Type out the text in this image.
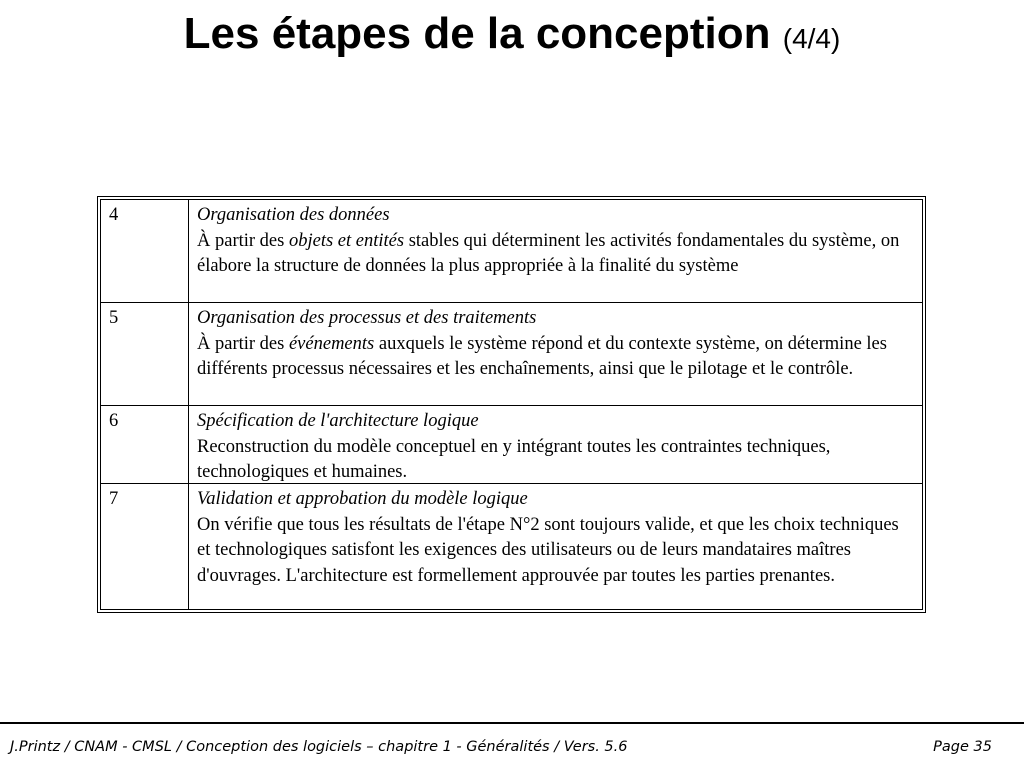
Les étapes de la conception (4/4)
4	Organisation des données
À partir des objets et entités stables qui déterminent les activités fondamentales du système, on élabore la structure de données la plus appropriée à la finalité du système
5	Organisation des processus et des traitements
À partir des événements auxquels le système répond et du contexte système, on détermine les différents processus nécessaires et les enchaînements, ainsi que le pilotage et le contrôle.
6	Spécification de l'architecture logique
Reconstruction du modèle conceptuel en y intégrant toutes les contraintes techniques, technologiques et humaines.
7	Validation et approbation du modèle logique
On vérifie que tous les résultats de l'étape N°2 sont toujours valide, et que les choix techniques et technologiques satisfont les exigences des utilisateurs ou de leurs mandataires maîtres d'ouvrages. L'architecture est formellement approuvée par toutes les parties prenantes.
J.Printz / CNAM - CMSL / Conception des logiciels – chapitre 1 - Généralités / Vers. 5.6	Page 35
